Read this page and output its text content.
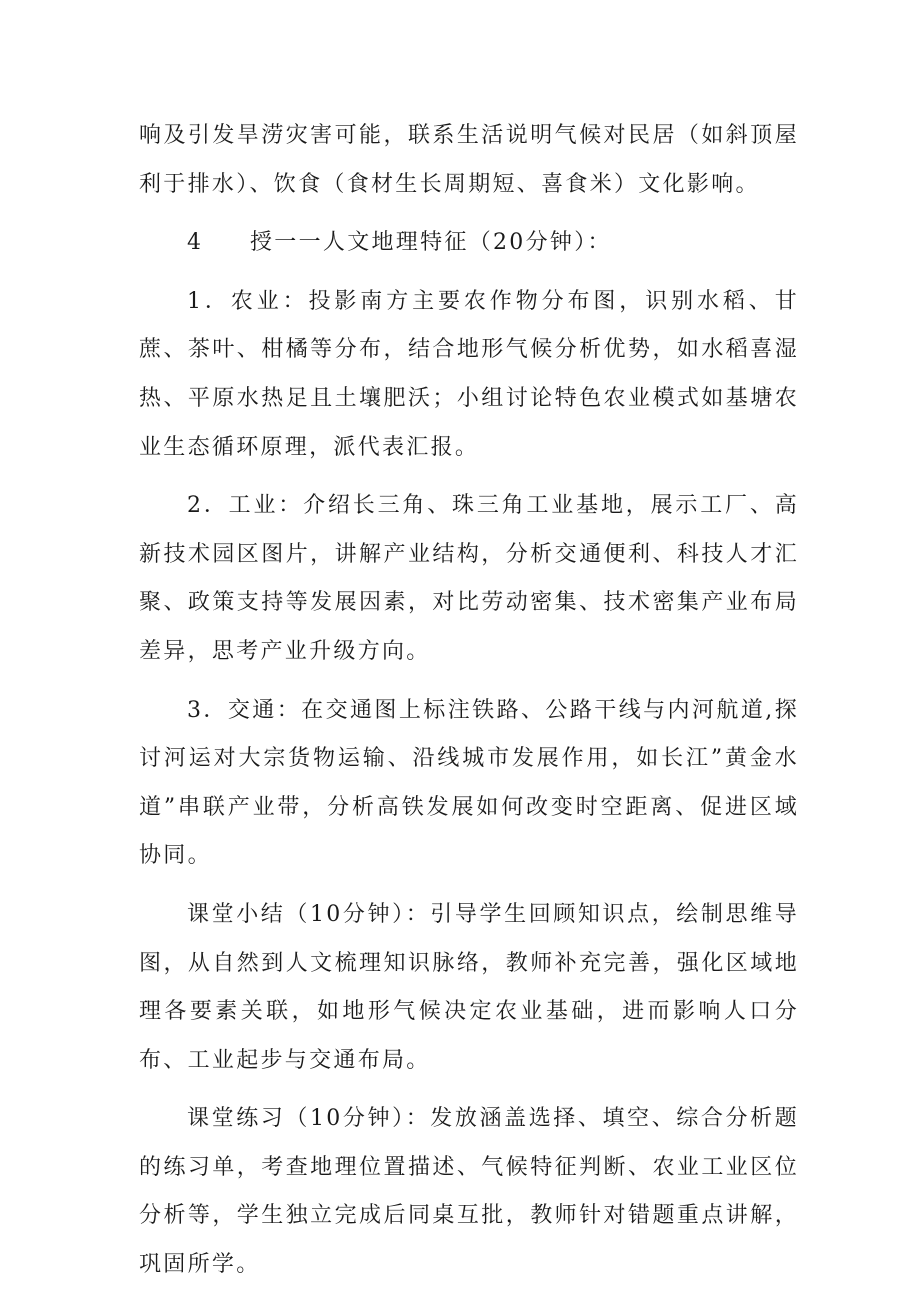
响及引发旱涝灾害可能，联系生活说明气候对民居（如斜顶屋利于排水）、饮食（食材生长周期短、喜食米）文化影响。

4	授一一人文地理特征（20分钟）：

1．农业：投影南方主要农作物分布图，识别水稻、甘蔗、茶叶、柑橘等分布，结合地形气候分析优势，如水稻喜湿热、平原水热足且土壤肥沃；小组讨论特色农业模式如基塘农业生态循环原理，派代表汇报。

2．工业：介绍长三角、珠三角工业基地，展示工厂、高新技术园区图片，讲解产业结构，分析交通便利、科技人才汇聚、政策支持等发展因素，对比劳动密集、技术密集产业布局差异，思考产业升级方向。

3．交通：在交通图上标注铁路、公路干线与内河航道,探讨河运对大宗货物运输、沿线城市发展作用，如长江”黄金水道”串联产业带，分析高铁发展如何改变时空距离、促进区域协同。

课堂小结（10分钟）：引导学生回顾知识点，绘制思维导图，从自然到人文梳理知识脉络，教师补充完善，强化区域地理各要素关联，如地形气候决定农业基础，进而影响人口分布、工业起步与交通布局。

课堂练习（10分钟）：发放涵盖选择、填空、综合分析题的练习单，考查地理位置描述、气候特征判断、农业工业区位分析等，学生独立完成后同桌互批，教师针对错题重点讲解，巩固所学。
